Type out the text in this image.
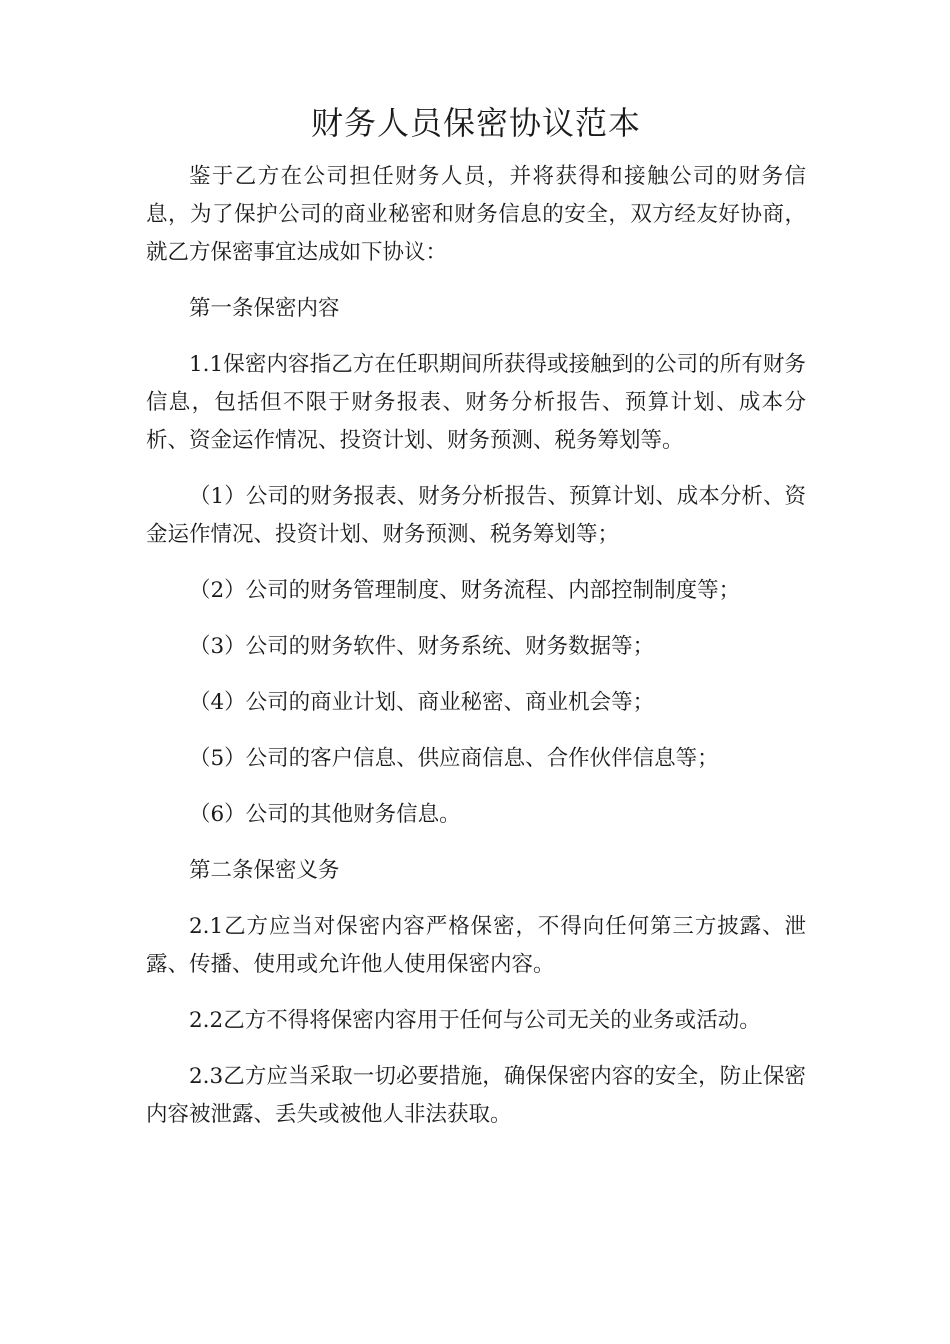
财务人员保密协议范本

鉴于乙方在公司担任财务人员，并将获得和接触公司的财务信息，为了保护公司的商业秘密和财务信息的安全，双方经友好协商，就乙方保密事宜达成如下协议：

第一条保密内容

1.1保密内容指乙方在任职期间所获得或接触到的公司的所有财务信息，包括但不限于财务报表、财务分析报告、预算计划、成本分析、资金运作情况、投资计划、财务预测、税务筹划等。

（1）公司的财务报表、财务分析报告、预算计划、成本分析、资金运作情况、投资计划、财务预测、税务筹划等；

（2）公司的财务管理制度、财务流程、内部控制制度等；

（3）公司的财务软件、财务系统、财务数据等；

（4）公司的商业计划、商业秘密、商业机会等；

（5）公司的客户信息、供应商信息、合作伙伴信息等；

（6）公司的其他财务信息。

第二条保密义务

2.1乙方应当对保密内容严格保密，不得向任何第三方披露、泄露、传播、使用或允许他人使用保密内容。

2.2乙方不得将保密内容用于任何与公司无关的业务或活动。

2.3乙方应当采取一切必要措施，确保保密内容的安全，防止保密内容被泄露、丢失或被他人非法获取。
